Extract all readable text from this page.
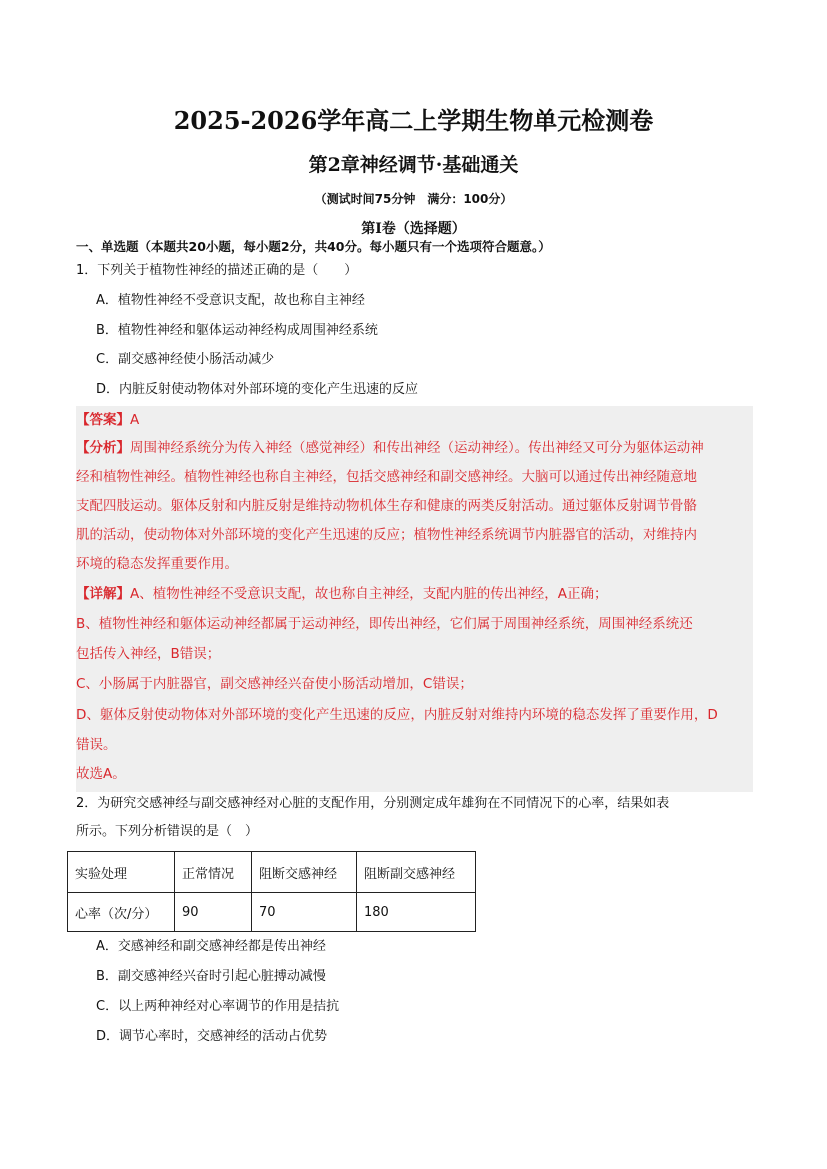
2025-2026学年高二上学期生物单元检测卷
第2章神经调节·基础通关
（测试时间75分钟　满分：100分）
第Ⅰ卷（选择题）
一、单选题（本题共20小题，每小题2分，共40分。每小题只有一个选项符合题意。）
1．下列关于植物性神经的描述正确的是（　　）
A．植物性神经不受意识支配，故也称自主神经
B．植物性神经和躯体运动神经构成周围神经系统
C．副交感神经使小肠活动减少
D．内脏反射使动物体对外部环境的变化产生迅速的反应
【答案】A
【分析】周围神经系统分为传入神经（感觉神经）和传出神经（运动神经）。传出神经又可分为躯体运动神
经和植物性神经。植物性神经也称自主神经，包括交感神经和副交感神经。大脑可以通过传出神经随意地
支配四肢运动。躯体反射和内脏反射是维持动物机体生存和健康的两类反射活动。通过躯体反射调节骨骼
肌的活动，使动物体对外部环境的变化产生迅速的反应；植物性神经系统调节内脏器官的活动，对维持内
环境的稳态发挥重要作用。
【详解】A、植物性神经不受意识支配，故也称自主神经，支配内脏的传出神经，A正确；
B、植物性神经和躯体运动神经都属于运动神经，即传出神经，它们属于周围神经系统，周围神经系统还
包括传入神经，B错误；
C、小肠属于内脏器官，副交感神经兴奋使小肠活动增加，C错误；
D、躯体反射使动物体对外部环境的变化产生迅速的反应，内脏反射对维持内环境的稳态发挥了重要作用，D
错误。
故选A。
2．为研究交感神经与副交感神经对心脏的支配作用，分别测定成年雄狗在不同情况下的心率，结果如表
所示。下列分析错误的是（　）
实验处理	正常情况	阻断交感神经	阻断副交感神经
心率（次/分）	90	70	180
A．交感神经和副交感神经都是传出神经
B．副交感神经兴奋时引起心脏搏动减慢
C．以上两种神经对心率调节的作用是拮抗
D．调节心率时，交感神经的活动占优势
